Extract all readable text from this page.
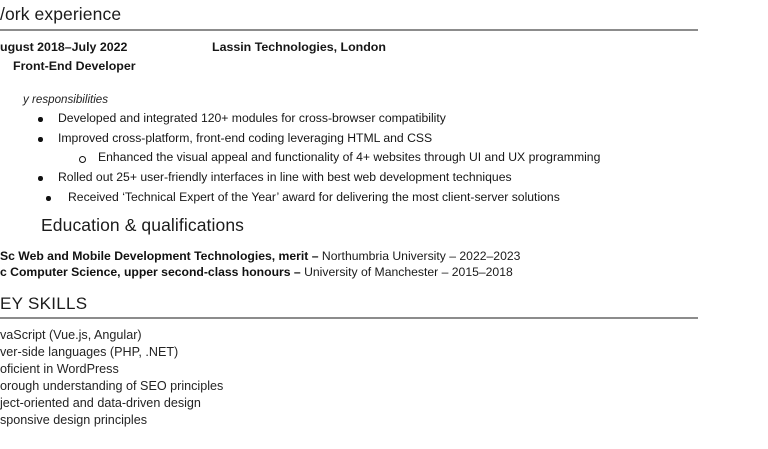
/ork experience
ugust 2018–July 2022	Lassin Technologies, London
Front-End Developer
y responsibilities
Developed and integrated 120+ modules for cross-browser compatibility
Improved cross-platform, front-end coding leveraging HTML and CSS
Enhanced the visual appeal and functionality of 4+ websites through UI and UX programming
Rolled out 25+ user-friendly interfaces in line with best web development techniques
Received ‘Technical Expert of the Year’ award for delivering the most client-server solutions
Education & qualifications
Sc Web and Mobile Development Technologies, merit – Northumbria University – 2022–2023
c Computer Science, upper second-class honours – University of Manchester – 2015–2018
EY SKILLS
vaScript (Vue.js, Angular)
ver-side languages (PHP, .NET)
oficient in WordPress
orough understanding of SEO principles
ject-oriented and data-driven design
sponsive design principles
